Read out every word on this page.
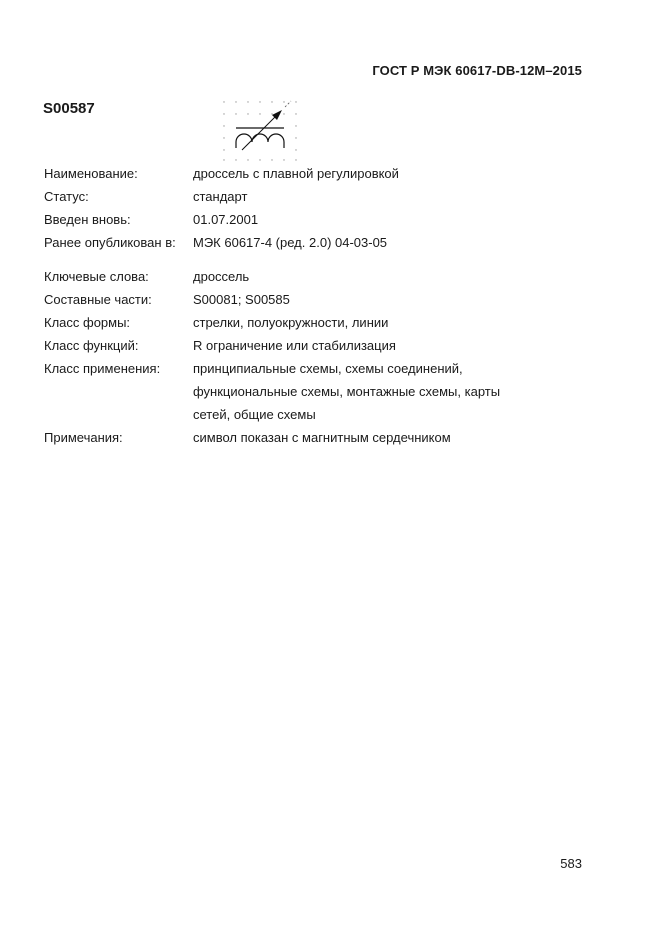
ГОСТ Р МЭК 60617-DB-12M–2015
S00587
Наименование:	дроссель с плавной регулировкой
Статус:	стандарт
Введен вновь:	01.07.2001
Ранее опубликован в:	МЭК 60617-4 (ред. 2.0) 04-03-05
Ключевые слова:	дроссель
Составные части:	S00081; S00585
Класс формы:	стрелки, полуокружности, линии
Класс функций:	R ограничение или стабилизация
Класс применения:	принципиальные схемы, схемы соединений,
функциональные схемы, монтажные схемы, карты
сетей, общие схемы
Примечания:	символ показан с магнитным сердечником
583
